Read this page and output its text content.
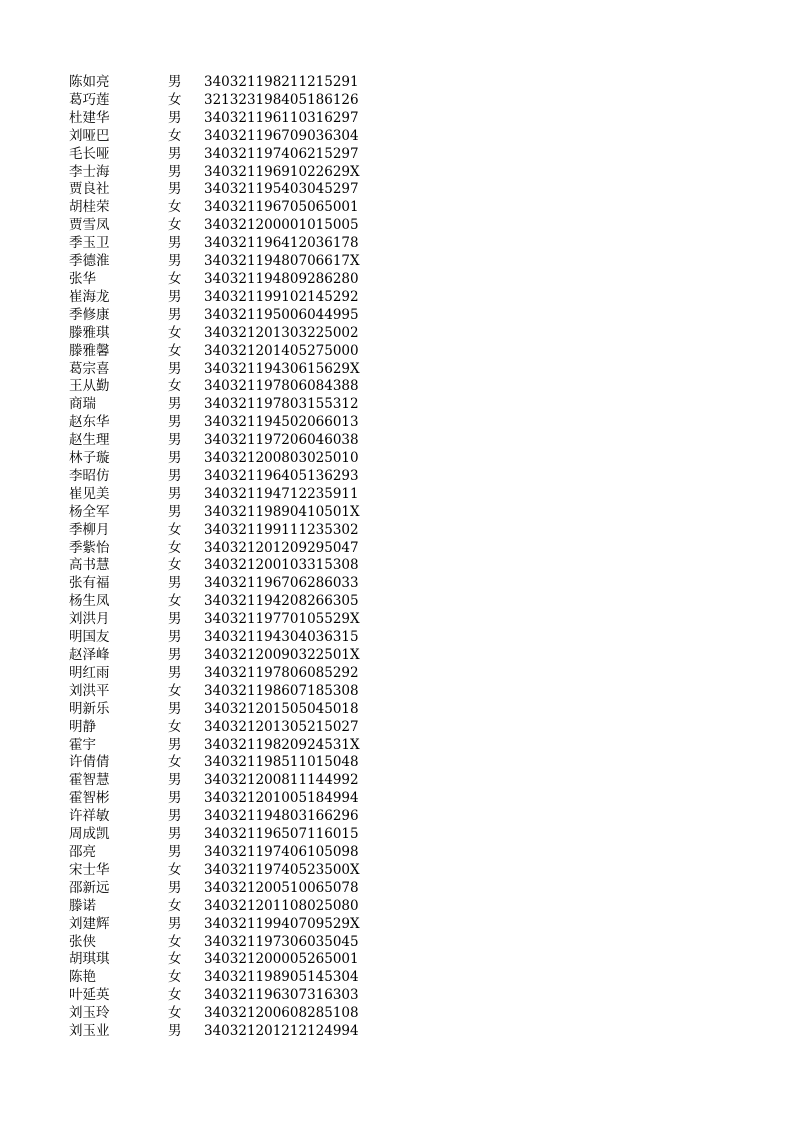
陈如亮	男 340321198211215291
葛巧莲	女 321323198405186126
杜建华	男 340321196110316297
刘哑巴	女 340321196709036304
毛长哑	男 340321197406215297
李士海	男 34032119691022629X
贾良社	男 340321195403045297
胡桂荣	女 340321196705065001
贾雪凤	女 340321200001015005
季玉卫	男 340321196412036178
季德淮	男 34032119480706617X
张华	女 340321194809286280
崔海龙	男 340321199102145292
季修康	男 340321195006044995
滕雅琪	女 340321201303225002
滕雅馨	女 340321201405275000
葛宗喜	男 34032119430615629X
王从勤	女 340321197806084388
商瑞	男 340321197803155312
赵东华	男 340321194502066013
赵生理	男 340321197206046038
林子璇	男 340321200803025010
李昭仿	男 340321196405136293
崔见美	男 340321194712235911
杨全军	男 34032119890410501X
季柳月	女 340321199111235302
季紫怡	女 340321201209295047
高书慧	女 340321200103315308
张有福	男 340321196706286033
杨生凤	女 340321194208266305
刘洪月	男 34032119770105529X
明国友	男 340321194304036315
赵泽峰	男 34032120090322501X
明红雨	男 340321197806085292
刘洪平	女 340321198607185308
明新乐	男 340321201505045018
明静	女 340321201305215027
霍宇	男 34032119820924531X
许倩倩	女 340321198511015048
霍智慧	男 340321200811144992
霍智彬	男 340321201005184994
许祥敏	男 340321194803166296
周成凯	男 340321196507116015
邵亮	男 340321197406105098
宋士华	女 34032119740523500X
邵新远	男 340321200510065078
滕诺	女 340321201108025080
刘建辉	男 34032119940709529X
张侠	女 340321197306035045
胡琪琪	女 340321200005265001
陈艳	女 340321198905145304
叶延英	女 340321196307316303
刘玉玲	女 340321200608285108
刘玉业	男 340321201212124994
